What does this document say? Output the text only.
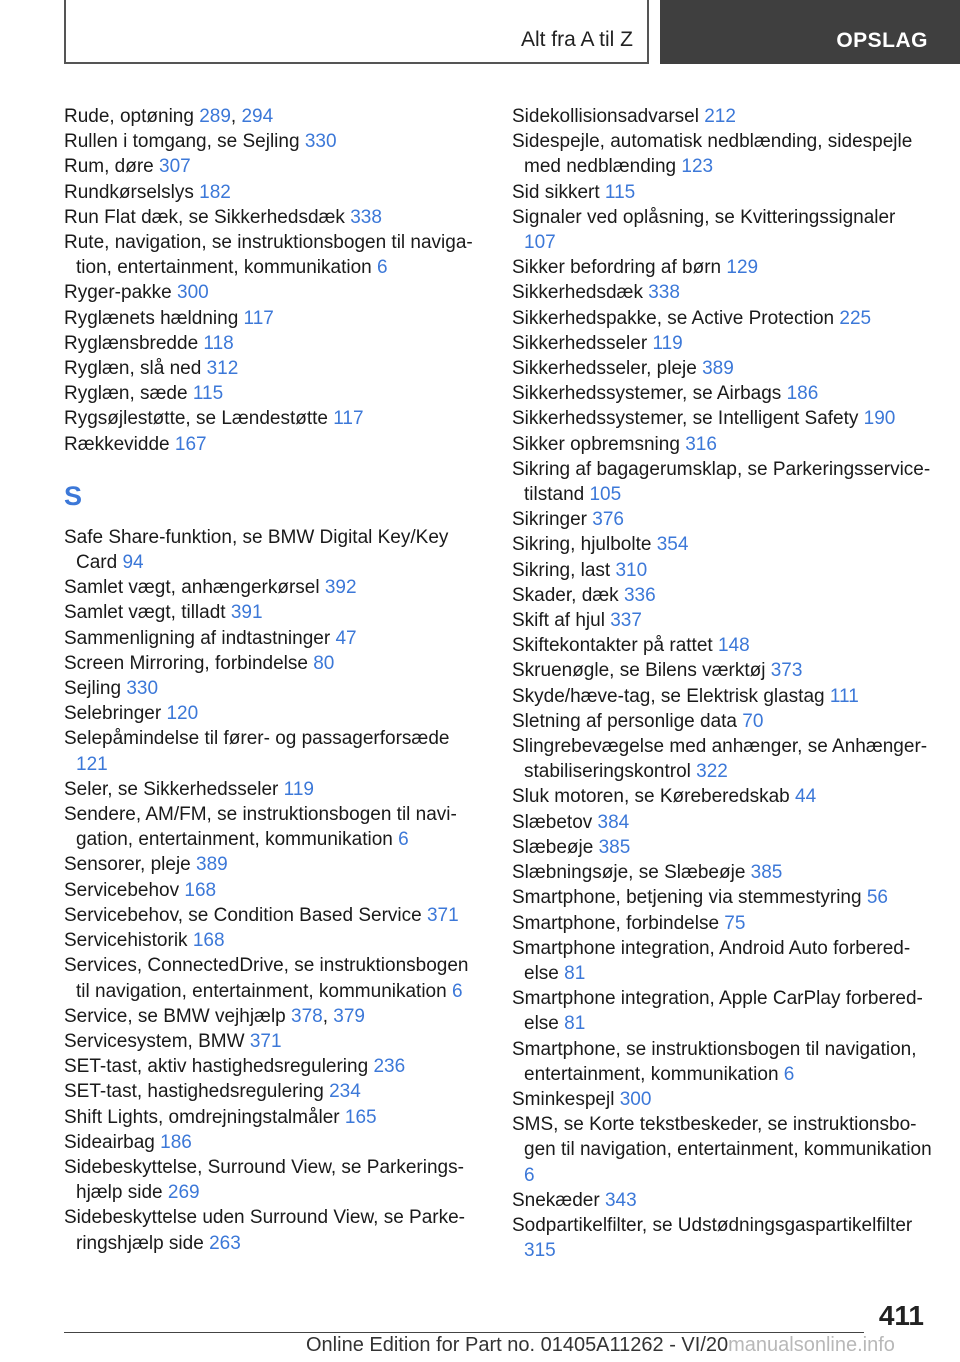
Alt fra A til Z	OPSLAG
Rude, optøning 289, 294
Rullen i tomgang, se Sejling 330
Rum, døre 307
Rundkørselslys 182
Run Flat dæk, se Sikkerhedsdæk 338
Rute, navigation, se instruktionsbogen til navigation, entertainment, kommunikation 6
Ryger-pakke 300
Ryglænets hældning 117
Ryglænsbredde 118
Ryglæn, slå ned 312
Ryglæn, sæde 115
Rygsøjlestøtte, se Lændestøtte 117
Rækkevidde 167
S
Safe Share-funktion, se BMW Digital Key/Key Card 94
Samlet vægt, anhængerkørsel 392
Samlet vægt, tilladt 391
Sammenligning af indtastninger 47
Screen Mirroring, forbindelse 80
Sejling 330
Selebringer 120
Selepåmindelse til fører- og passagerforsæde 121
Seler, se Sikkerhedsseler 119
Sendere, AM/FM, se instruktionsbogen til navigation, entertainment, kommunikation 6
Sensorer, pleje 389
Servicebehov 168
Servicebehov, se Condition Based Service 371
Servicehistorik 168
Services, ConnectedDrive, se instruktionsbogen til navigation, entertainment, kommunikation 6
Service, se BMW vejhjælp 378, 379
Servicesystem, BMW 371
SET-tast, aktiv hastighedsregulering 236
SET-tast, hastighedsregulering 234
Shift Lights, omdrejningstalmåler 165
Sideairbag 186
Sidebeskyttelse, Surround View, se Parkeringshjælp side 269
Sidebeskyttelse uden Surround View, se Parkeringshjælp side 263
Sidekollisionsadvarsel 212
Sidespejle, automatisk nedblænding, sidespejle med nedblænding 123
Sid sikkert 115
Signaler ved oplåsning, se Kvitteringssignaler 107
Sikker befordring af børn 129
Sikkerhedsdæk 338
Sikkerhedspakke, se Active Protection 225
Sikkerhedsseler 119
Sikkerhedsseler, pleje 389
Sikkerhedssystemer, se Airbags 186
Sikkerhedssystemer, se Intelligent Safety 190
Sikker opbremsning 316
Sikring af bagagerumsklap, se Parkeringsservicetilstand 105
Sikringer 376
Sikring, hjulbolte 354
Sikring, last 310
Skader, dæk 336
Skift af hjul 337
Skiftekontakter på rattet 148
Skruenøgle, se Bilens værktøj 373
Skyde/hæve-tag, se Elektrisk glastag 111
Sletning af personlige data 70
Slingrebevægelse med anhænger, se Anhænger-stabiliseringskontrol 322
Sluk motoren, se Køreberedskab 44
Slæbetov 384
Slæbeøje 385
Slæbningsøje, se Slæbeøje 385
Smartphone, betjening via stemmestyring 56
Smartphone, forbindelse 75
Smartphone integration, Android Auto forberedelse 81
Smartphone integration, Apple CarPlay forberedelse 81
Smartphone, se instruktionsbogen til navigation, entertainment, kommunikation 6
Sminkespejl 300
SMS, se Korte tekstbeskeder, se instruktionsbogen til navigation, entertainment, kommunikation 6
Snekæder 343
Sodpartikelfilter, se Udstødningsgaspartikelfilter 315
411
Online Edition for Part no. 01405A11262 - VI/20manualsonline.info
